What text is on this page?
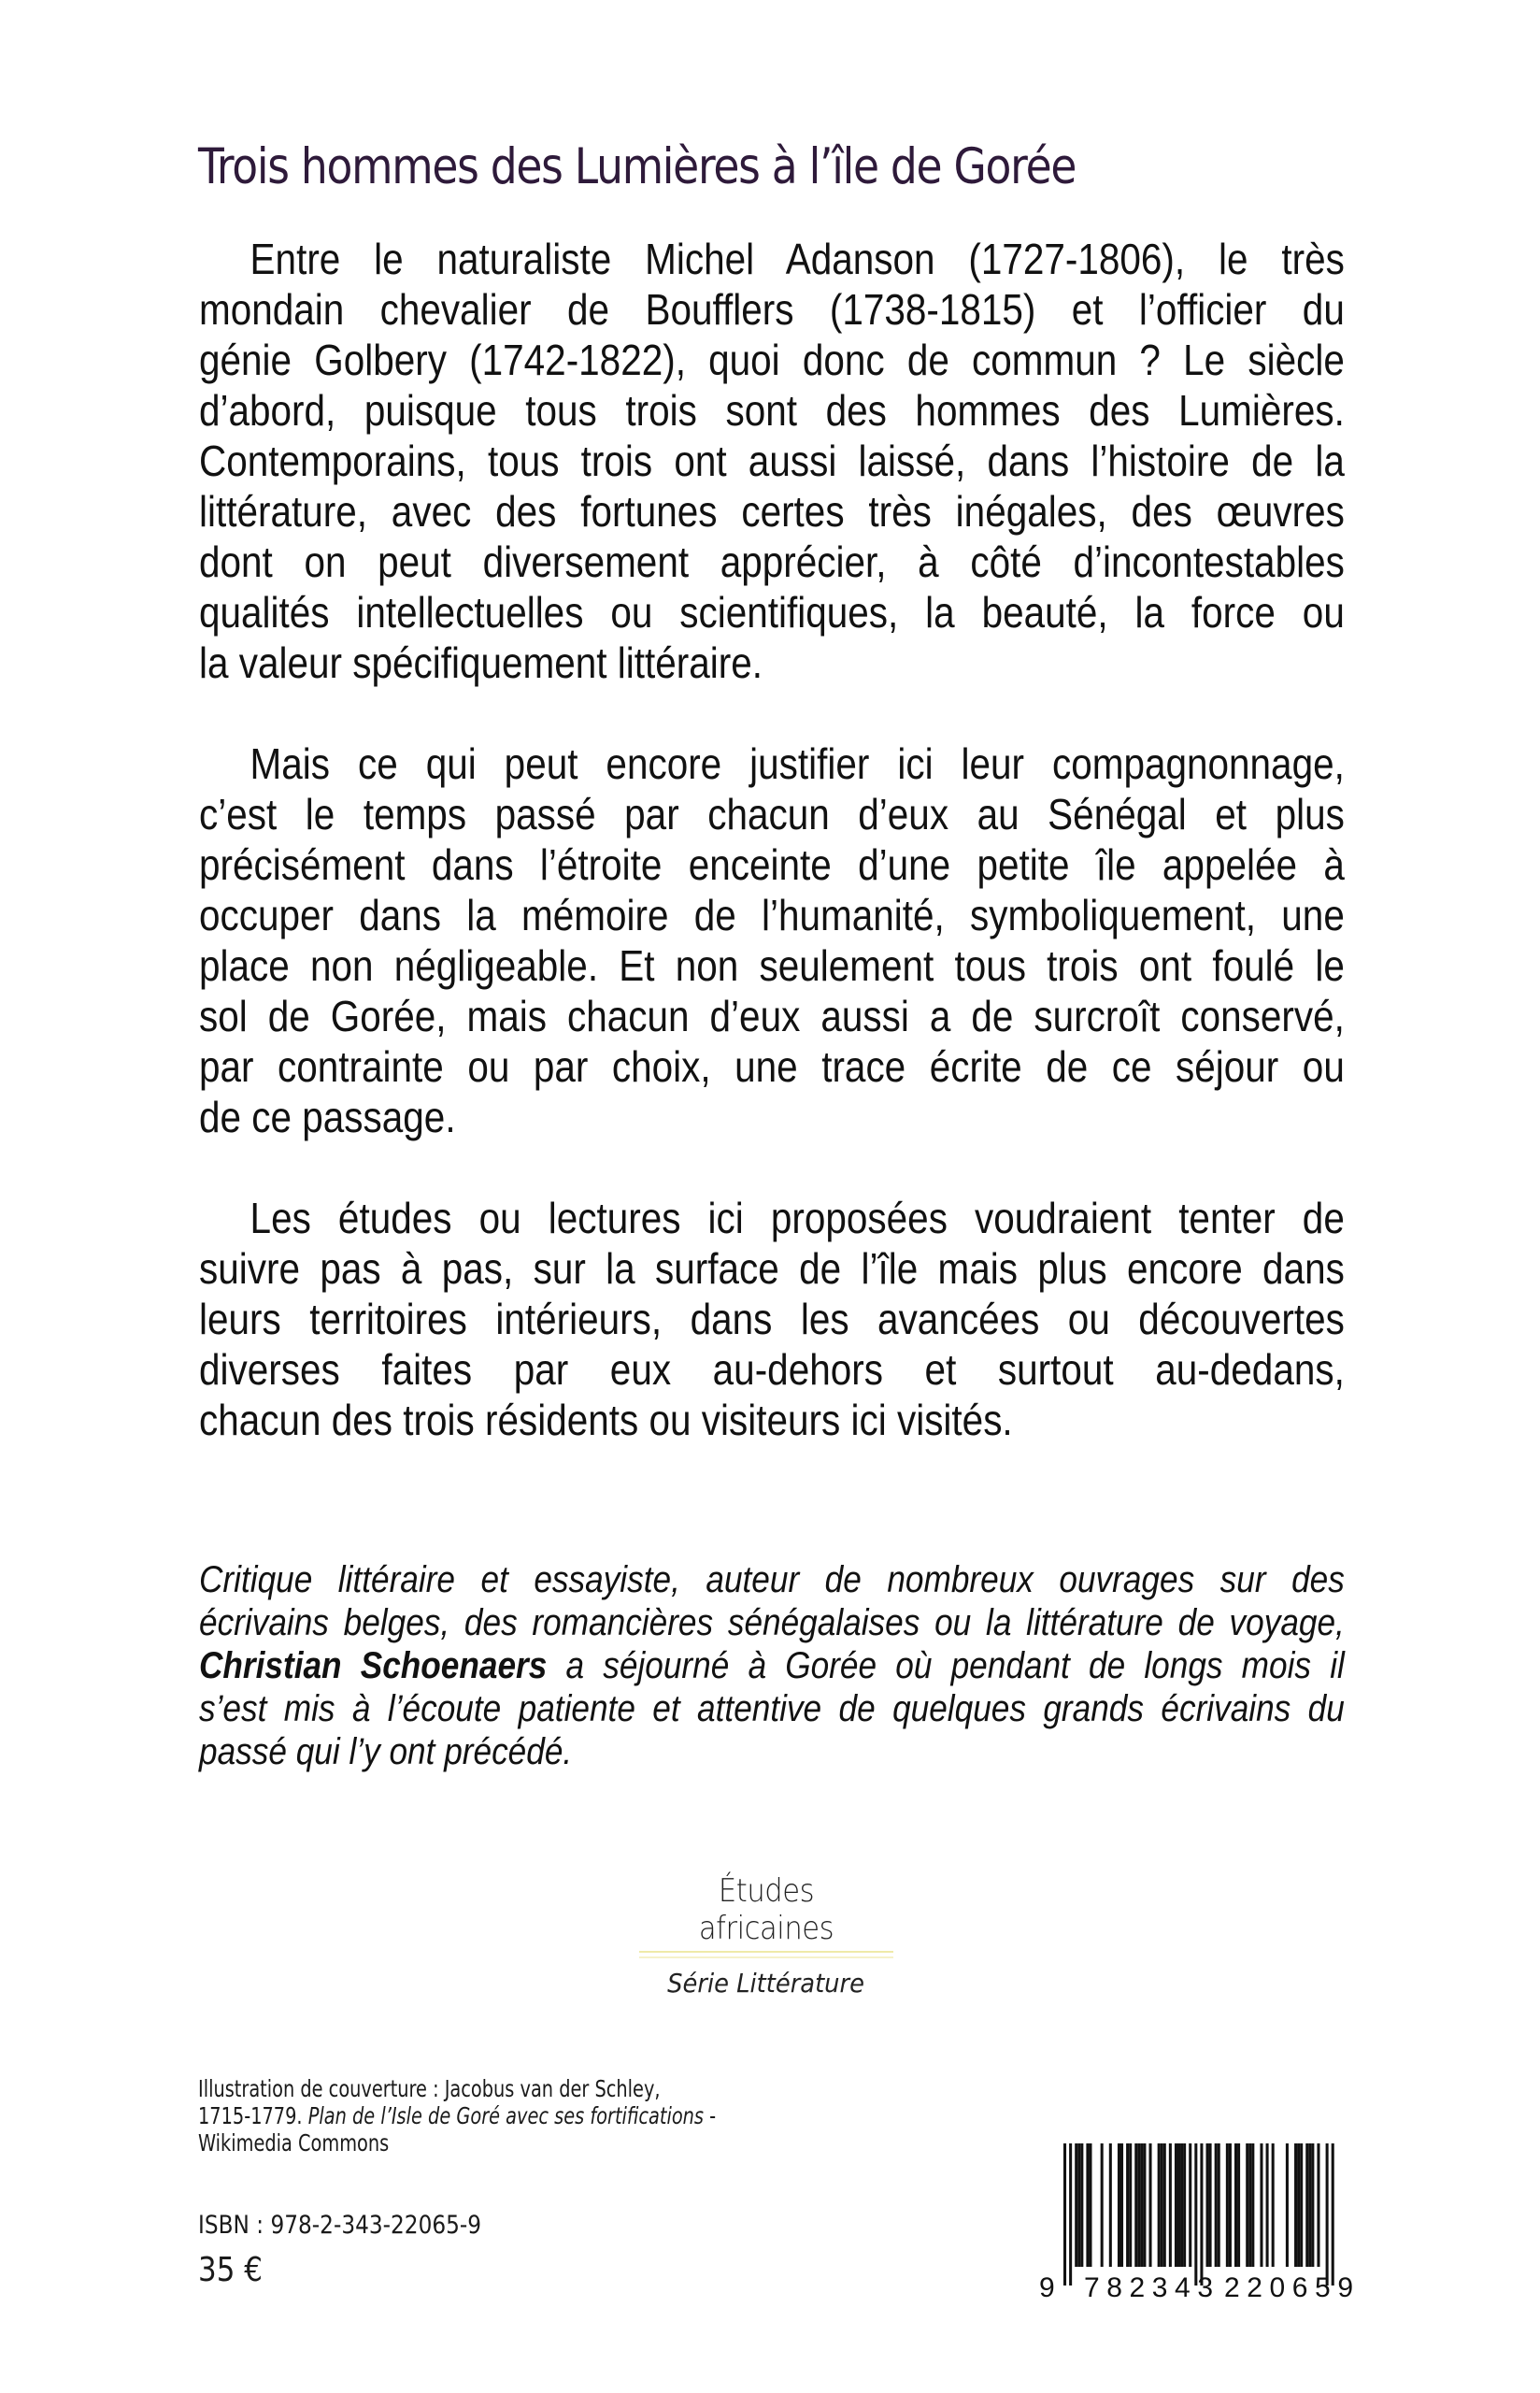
Trois hommes des Lumières à l’île de Gorée
Entre le naturaliste Michel Adanson (1727-1806), le très
mondain chevalier de Boufflers (1738-1815) et l’officier du
génie Golbery (1742-1822), quoi donc de commun ? Le siècle
d’abord, puisque tous trois sont des hommes des Lumières.
Contemporains, tous trois ont aussi laissé, dans l’histoire de la
littérature, avec des fortunes certes très inégales, des œuvres
dont on peut diversement apprécier, à côté d’incontestables
qualités intellectuelles ou scientifiques, la beauté, la force ou
la valeur spécifiquement littéraire.
Mais ce qui peut encore justifier ici leur compagnonnage,
c’est le temps passé par chacun d’eux au Sénégal et plus
précisément dans l’étroite enceinte d’une petite île appelée à
occuper dans la mémoire de l’humanité, symboliquement, une
place non négligeable. Et non seulement tous trois ont foulé le
sol de Gorée, mais chacun d’eux aussi a de surcroît conservé,
par contrainte ou par choix, une trace écrite de ce séjour ou
de ce passage.
Les études ou lectures ici proposées voudraient tenter de
suivre pas à pas, sur la surface de l’île mais plus encore dans
leurs territoires intérieurs, dans les avancées ou découvertes
diverses faites par eux au-dehors et surtout au-dedans,
chacun des trois résidents ou visiteurs ici visités.
Critique littéraire et essayiste, auteur de nombreux ouvrages sur des
écrivains belges, des romancières sénégalaises ou la littérature de voyage,
Christian Schoenaers a séjourné à Gorée où pendant de longs mois il
s’est mis à l’écoute patiente et attentive de quelques grands écrivains du
passé qui l’y ont précédé.
Études africaines
Série Littérature
Illustration de couverture : Jacobus van der Schley,
1715-1779. Plan de l’Isle de Goré avec ses fortifications -
Wikimedia Commons
ISBN : 978-2-343-22065-9
35 €	9 782343 220659
